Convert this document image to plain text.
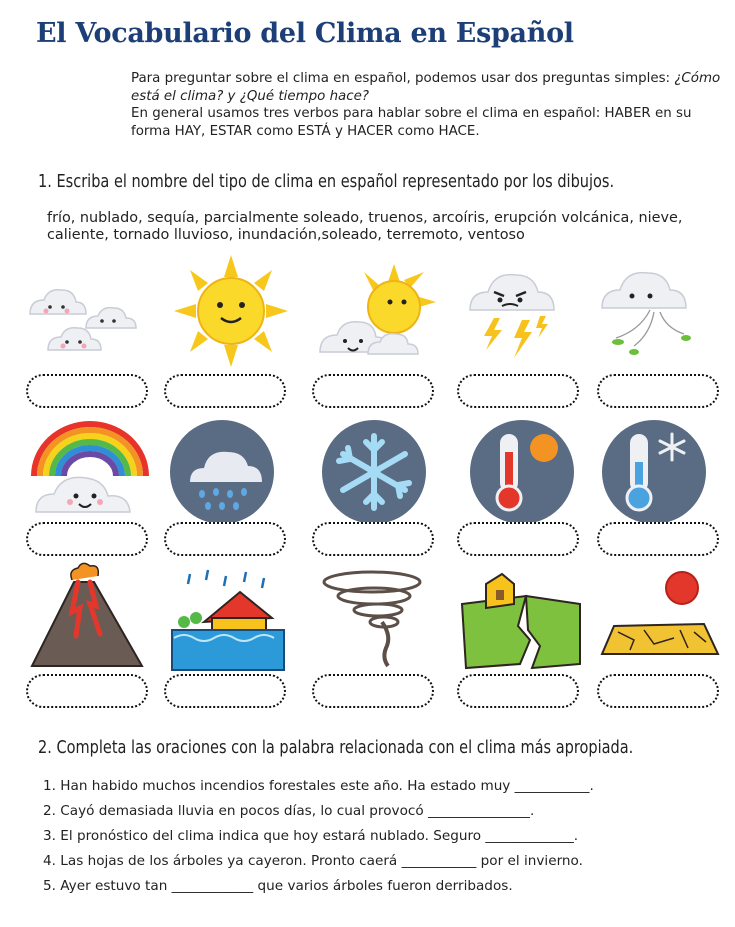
El Vocabulario del Clima en Español

Para preguntar sobre el clima en español, podemos usar dos preguntas simples: ¿Cómo está el clima? y ¿Qué tiempo hace?

En general usamos tres verbos para hablar sobre el clima en español: HABER en su forma HAY, ESTAR como ESTÁ y HACER como HACE.

1. Escriba el nombre del tipo de clima en español representado por los dibujos.
frío, nublado, sequía, parcialmente soleado, truenos, arcoíris, erupción volcánica, nieve, caliente, tornado lluvioso, inundación,soleado, terremoto, ventoso
2. Completa las oraciones con la palabra relacionada con el clima más apropiada.
1. Han habido muchos incendios forestales este año. Ha estado muy ___________.
2. Cayó demasiada lluvia en pocos días, lo cual provocó _______________.
3. El pronóstico del clima indica que hoy estará nublado. Seguro _____________.
4. Las hojas de los árboles ya cayeron. Pronto caerá ___________ por el invierno.
5. Ayer estuvo tan ____________ que varios árboles fueron derribados.
